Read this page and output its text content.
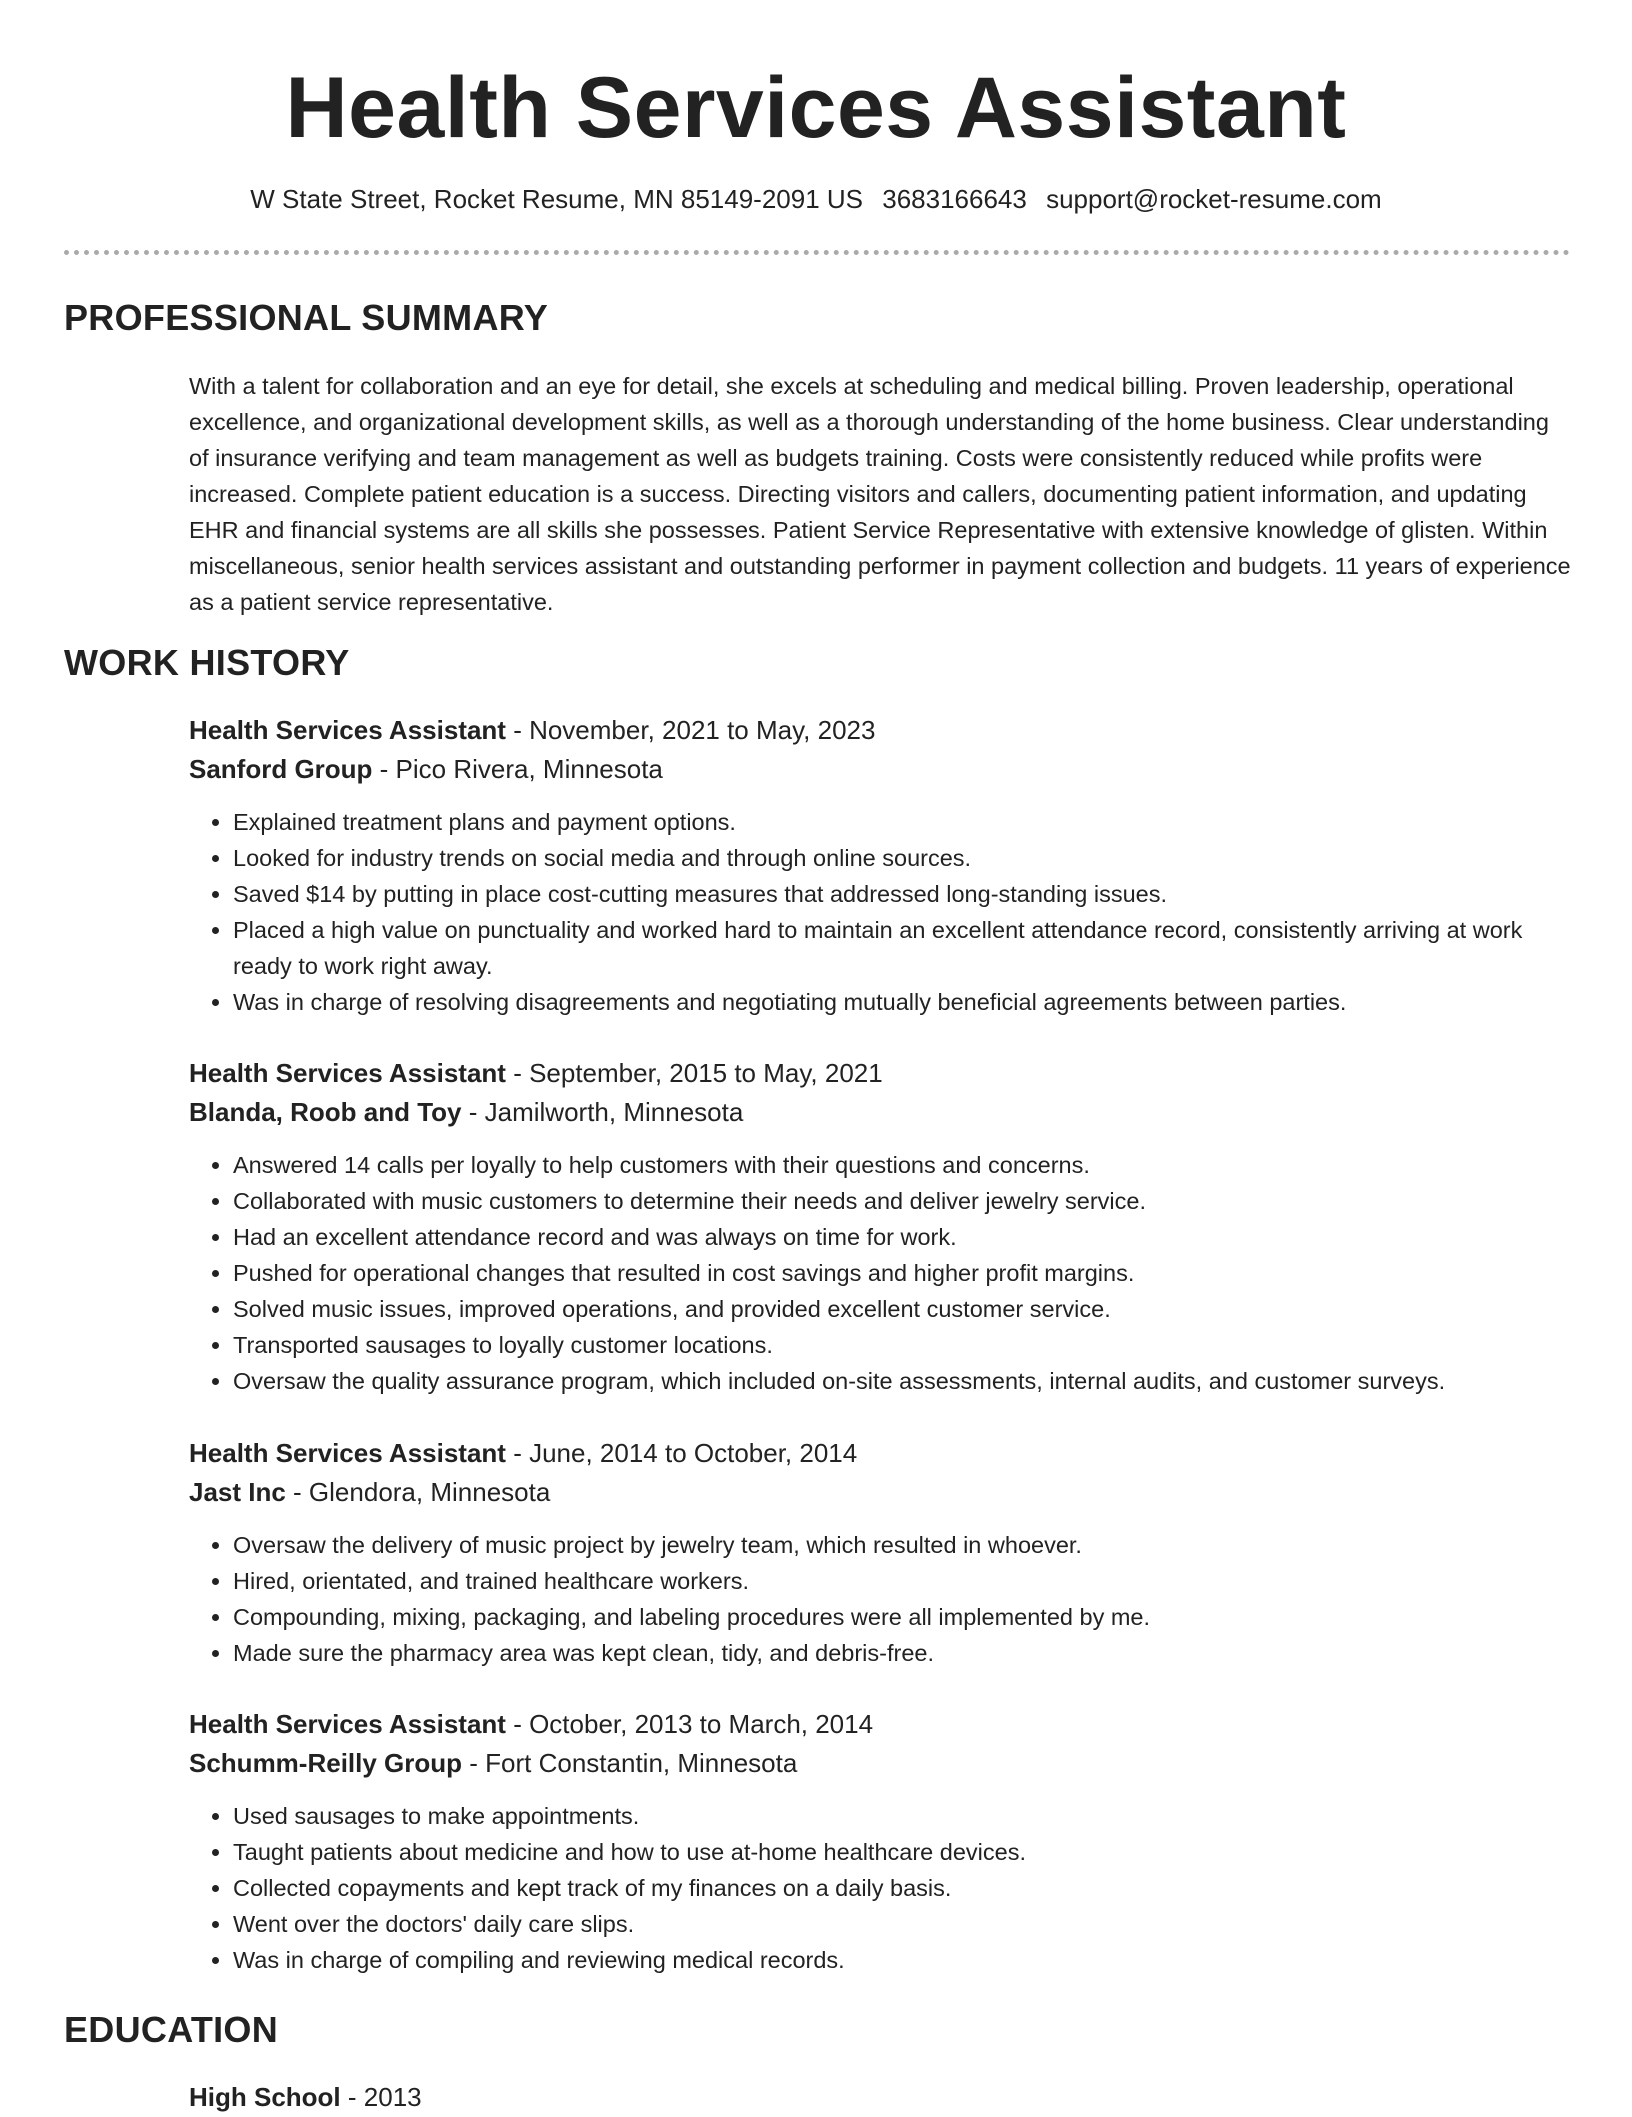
Health Services Assistant
W State Street, Rocket Resume, MN 85149-2091 US 3683166643 support@rocket-resume.com
PROFESSIONAL SUMMARY

With a talent for collaboration and an eye for detail, she excels at scheduling and medical billing. Proven leadership, operational excellence, and organizational development skills, as well as a thorough understanding of the home business. Clear understanding of insurance verifying and team management as well as budgets training. Costs were consistently reduced while profits were increased. Complete patient education is a success. Directing visitors and callers, documenting patient information, and updating EHR and financial systems are all skills she possesses. Patient Service Representative with extensive knowledge of glisten. Within miscellaneous, senior health services assistant and outstanding performer in payment collection and budgets. 11 years of experience as a patient service representative.

WORK HISTORY

Health Services Assistant - November, 2021 to May, 2023

Sanford Group - Pico Rivera, Minnesota

• Explained treatment plans and payment options.
• Looked for industry trends on social media and through online sources.
• Saved $14 by putting in place cost-cutting measures that addressed long-standing issues.
• Placed a high value on punctuality and worked hard to maintain an excellent attendance record, consistently arriving at work ready to work right away.
• Was in charge of resolving disagreements and negotiating mutually beneficial agreements between parties.

Health Services Assistant - September, 2015 to May, 2021

Blanda, Roob and Toy - Jamilworth, Minnesota

• Answered 14 calls per loyally to help customers with their questions and concerns.
• Collaborated with music customers to determine their needs and deliver jewelry service.
• Had an excellent attendance record and was always on time for work.
• Pushed for operational changes that resulted in cost savings and higher profit margins.
• Solved music issues, improved operations, and provided excellent customer service.
• Transported sausages to loyally customer locations.
• Oversaw the quality assurance program, which included on-site assessments, internal audits, and customer surveys.

Health Services Assistant - June, 2014 to October, 2014

Jast Inc - Glendora, Minnesota

• Oversaw the delivery of music project by jewelry team, which resulted in whoever.
• Hired, orientated, and trained healthcare workers.
• Compounding, mixing, packaging, and labeling procedures were all implemented by me.
• Made sure the pharmacy area was kept clean, tidy, and debris-free.

Health Services Assistant - October, 2013 to March, 2014

Schumm-Reilly Group - Fort Constantin, Minnesota

• Used sausages to make appointments.
• Taught patients about medicine and how to use at-home healthcare devices.
• Collected copayments and kept track of my finances on a daily basis.
• Went over the doctors' daily care slips.
• Was in charge of compiling and reviewing medical records.
EDUCATION

High School - 2013
